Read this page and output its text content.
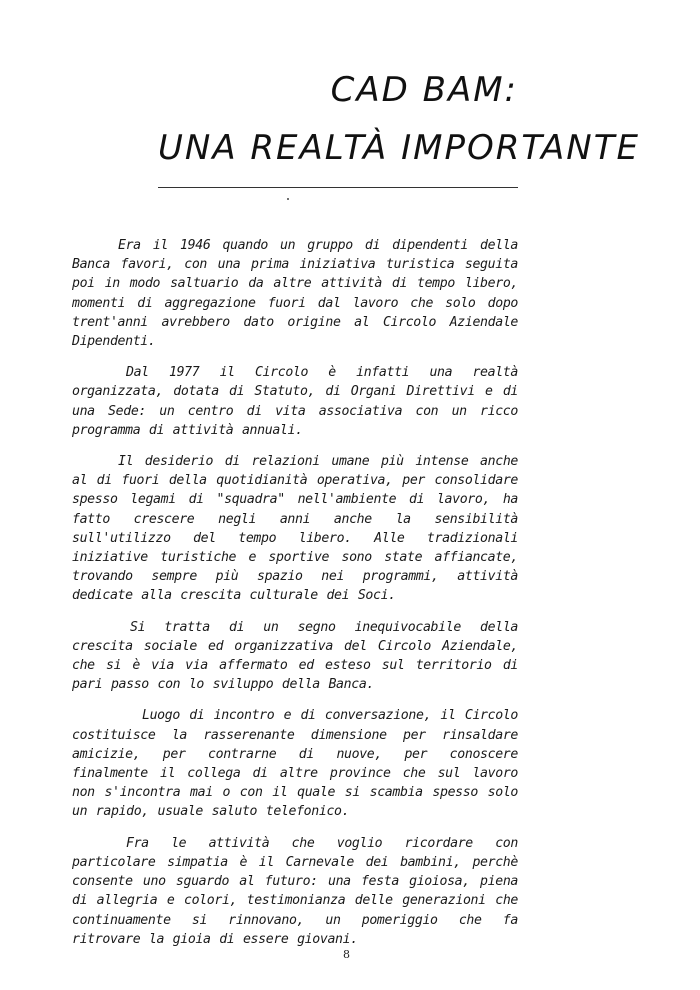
CAD BAM:
UNA REALTÀ IMPORTANTE

Era il 1946 quando un gruppo di dipendenti della Banca favori, con una prima iniziativa turistica seguita poi in modo saltuario da altre attività di tempo libero, momenti di aggregazione fuori dal lavoro che solo dopo trent'anni avrebbero dato origine al Circolo Aziendale Dipendenti.

Dal 1977 il Circolo è infatti una realtà organizzata, dotata di Statuto, di Organi Direttivi e di una Sede: un centro di vita associativa con un ricco programma di attività annuali.

Il desiderio di relazioni umane più intense anche al di fuori della quotidianità operativa, per consolidare spesso legami di "squadra" nell'ambiente di lavoro, ha fatto crescere negli anni anche la sensibilità sull'utilizzo del tempo libero. Alle tradizionali iniziative turistiche e sportive sono state affiancate, trovando sempre più spazio nei programmi, attività dedicate alla crescita culturale dei Soci.

Si tratta di un segno inequivocabile della crescita sociale ed organizzativa del Circolo Aziendale, che si è via via affermato ed esteso sul territorio di pari passo con lo sviluppo della Banca.

Luogo di incontro e di conversazione, il Circolo costituisce la rasserenante dimensione per rinsaldare amicizie, per contrarne di nuove, per conoscere finalmente il collega di altre province che sul lavoro non s'incontra mai o con il quale si scambia spesso solo un rapido, usuale saluto telefonico.

Fra le attività che voglio ricordare con particolare simpatia è il Carnevale dei bambini, perchè consente uno sguardo al futuro: una festa gioiosa, piena di allegria e colori, testimonianza delle generazioni che continuamente si rinnovano, un pomeriggio che fa ritrovare la gioia di essere giovani.

8
